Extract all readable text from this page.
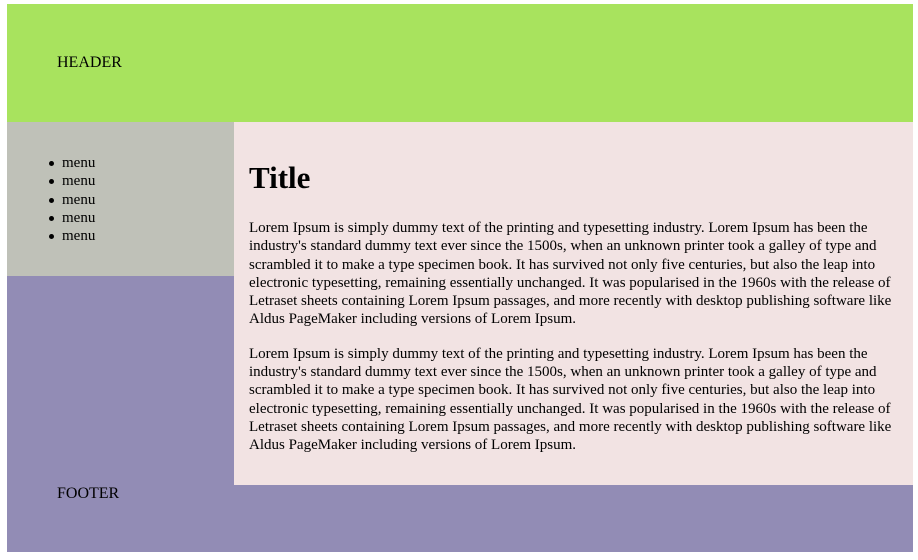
HEADER

FOOTER

menu
menu
menu
menu
menu
Title

Lorem Ipsum is simply dummy text of the printing and typesetting industry. Lorem Ipsum has been the industry's standard dummy text ever since the 1500s, when an unknown printer took a galley of type and scrambled it to make a type specimen book. It has survived not only five centuries, but also the leap into electronic typesetting, remaining essentially unchanged. It was popularised in the 1960s with the release of Letraset sheets containing Lorem Ipsum passages, and more recently with desktop publishing software like Aldus PageMaker including versions of Lorem Ipsum.

Lorem Ipsum is simply dummy text of the printing and typesetting industry. Lorem Ipsum has been the industry's standard dummy text ever since the 1500s, when an unknown printer took a galley of type and scrambled it to make a type specimen book. It has survived not only five centuries, but also the leap into electronic typesetting, remaining essentially unchanged. It was popularised in the 1960s with the release of Letraset sheets containing Lorem Ipsum passages, and more recently with desktop publishing software like Aldus PageMaker including versions of Lorem Ipsum.
